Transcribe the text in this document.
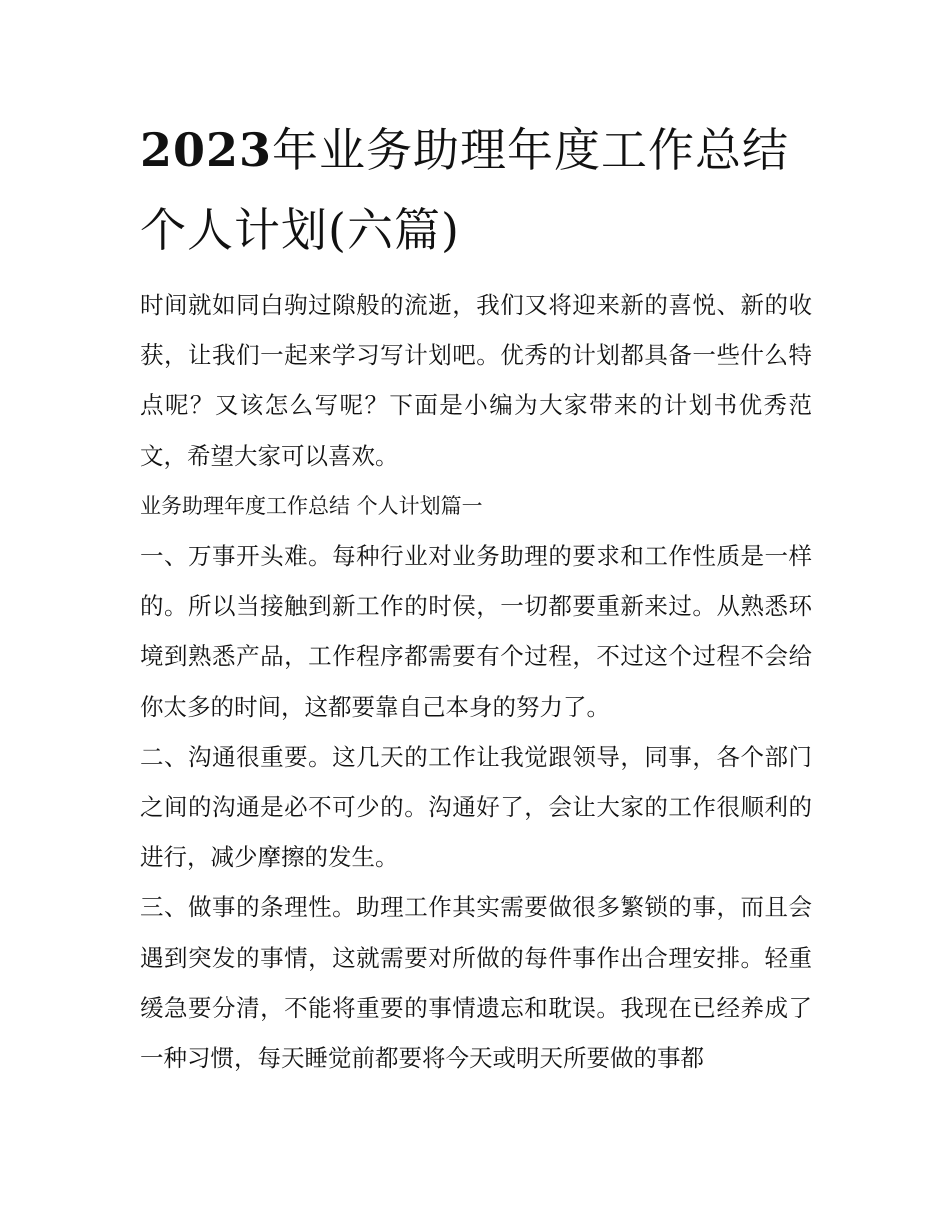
2023年业务助理年度工作总结个人计划(六篇)

时间就如同白驹过隙般的流逝，我们又将迎来新的喜悦、新的收获，让我们一起来学习写计划吧。优秀的计划都具备一些什么特点呢？又该怎么写呢？下面是小编为大家带来的计划书优秀范文，希望大家可以喜欢。

业务助理年度工作总结 个人计划篇一

一、万事开头难。每种行业对业务助理的要求和工作性质是一样的。所以当接触到新工作的时侯，一切都要重新来过。从熟悉环境到熟悉产品，工作程序都需要有个过程，不过这个过程不会给你太多的时间，这都要靠自己本身的努力了。

二、沟通很重要。这几天的工作让我觉跟领导，同事，各个部门之间的沟通是必不可少的。沟通好了，会让大家的工作很顺利的进行，减少摩擦的发生。

三、做事的条理性。助理工作其实需要做很多繁锁的事，而且会遇到突发的事情，这就需要对所做的每件事作出合理安排。轻重缓急要分清，不能将重要的事情遗忘和耽误。我现在已经养成了一种习惯，每天睡觉前都要将今天或明天所要做的事都
